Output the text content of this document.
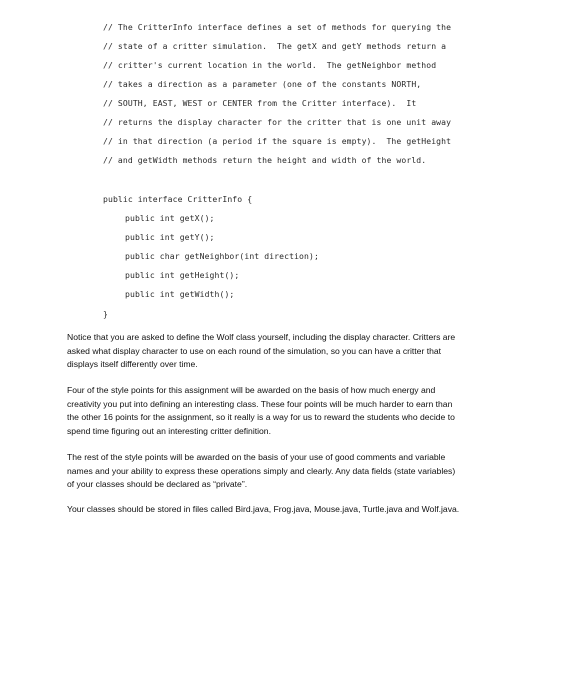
// The CritterInfo interface defines a set of methods for querying the
// state of a critter simulation.  The getX and getY methods return a
// critter's current location in the world.  The getNeighbor method
// takes a direction as a parameter (one of the constants NORTH,
// SOUTH, EAST, WEST or CENTER from the Critter interface).  It
// returns the display character for the critter that is one unit away
// in that direction (a period if the square is empty).  The getHeight
// and getWidth methods return the height and width of the world.
public interface CritterInfo {
public int getX();
public int getY();
public char getNeighbor(int direction);
public int getHeight();
public int getWidth();
}

Notice that you are asked to define the Wolf class yourself, including the display character. Critters are
asked what display character to use on each round of the simulation, so you can have a critter that
displays itself differently over time.

Four of the style points for this assignment will be awarded on the basis of how much energy and
creativity you put into defining an interesting class. These four points will be much harder to earn than
the other 16 points for the assignment, so it really is a way for us to reward the students who decide to
spend time figuring out an interesting critter definition.

The rest of the style points will be awarded on the basis of your use of good comments and variable
names and your ability to express these operations simply and clearly. Any data fields (state variables)
of your classes should be declared as “private”.

Your classes should be stored in files called Bird.java, Frog.java, Mouse.java, Turtle.java and Wolf.java.
